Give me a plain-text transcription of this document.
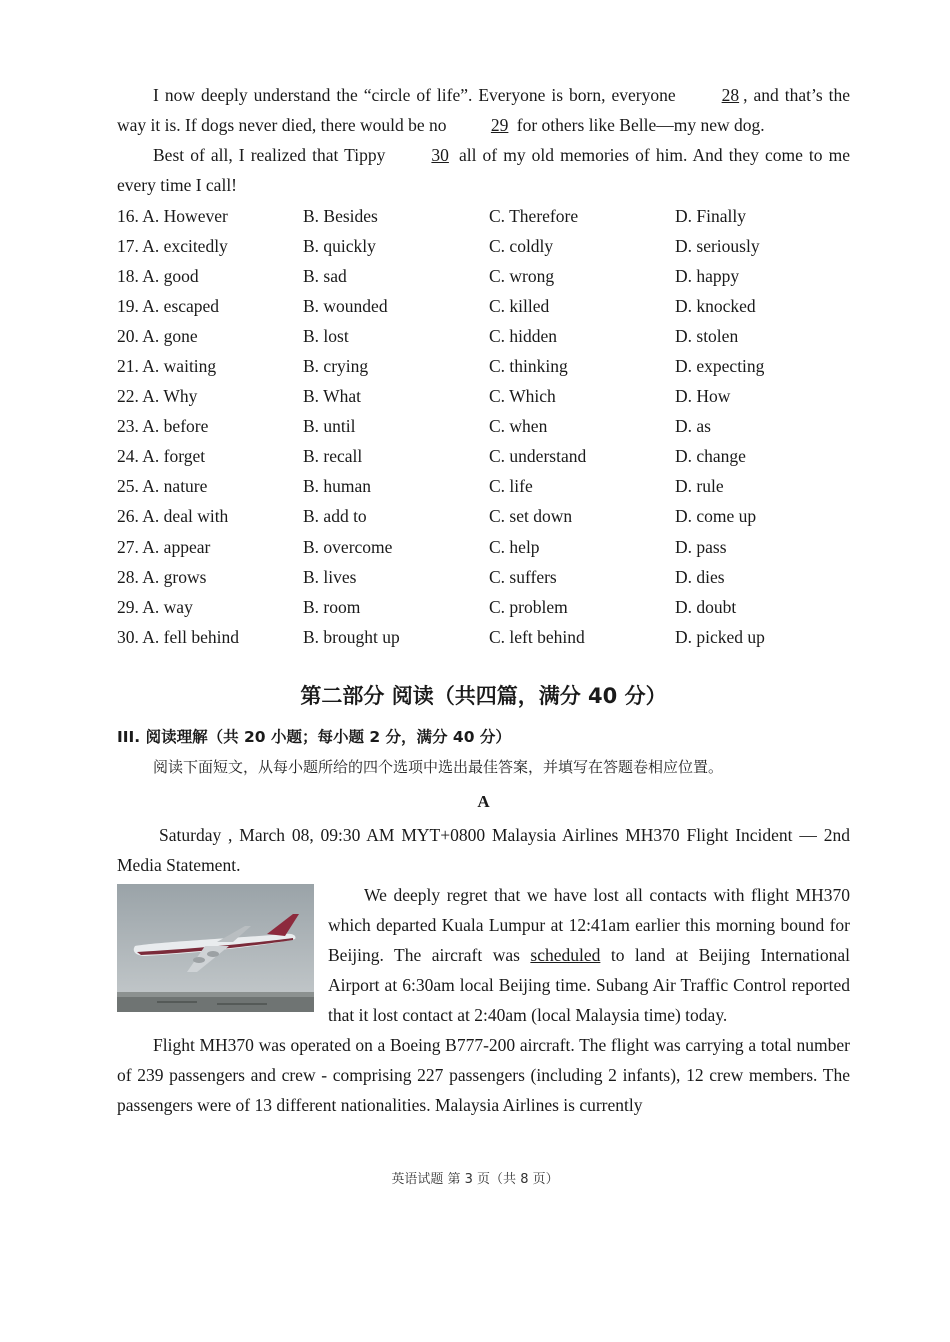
I now deeply understand the “circle of life”. Everyone is born, everyone	28 , and that’s the way it is. If dogs never died, there would be no	29 for others like Belle—my new dog.

Best of all, I realized that Tippy	30 all of my old memories of him. And they come to me every time I call!

16. A. However	B. Besides	C. Therefore	D. Finally
17. A. excitedly	B. quickly	C. coldly	D. seriously
18. A. good	B. sad	C. wrong	D. happy
19. A. escaped	B. wounded	C. killed	D. knocked
20. A. gone	B. lost	C. hidden	D. stolen
21. A. waiting	B. crying	C. thinking	D. expecting
22. A. Why	B. What	C. Which	D. How
23. A. before	B. until	C. when	D. as
24. A. forget	B. recall	C. understand	D. change
25. A. nature	B. human	C. life	D. rule
26. A. deal with	B. add to	C. set down	D. come up
27. A. appear	B. overcome	C. help	D. pass
28. A. grows	B. lives	C. suffers	D. dies
29. A. way	B. room	C. problem	D. doubt
30. A. fell behind	B. brought up	C. left behind	D. picked up
第二部分 阅读（共四篇，满分 40 分）
III. 阅读理解（共 20 小题；每小题 2 分，满分 40 分）
阅读下面短文，从每小题所给的四个选项中选出最佳答案，并填写在答题卷相应位置。
A

Saturday , March 08, 09:30 AM MYT+0800 Malaysia Airlines MH370 Flight Incident — 2nd Media Statement.

We deeply regret that we have lost all contacts with flight MH370 which departed Kuala Lumpur at 12:41am earlier this morning bound for Beijing. The aircraft was scheduled to land at Beijing International Airport at 6:30am local Beijing time. Subang Air Traffic Control reported that it lost contact at 2:40am (local Malaysia time) today.

Flight MH370 was operated on a Boeing B777-200 aircraft. The flight was carrying a total number of 239 passengers and crew - comprising 227 passengers (including 2 infants), 12 crew members. The passengers were of 13 different nationalities. Malaysia Airlines is currently

英语试题 第 3 页（共 8 页）
